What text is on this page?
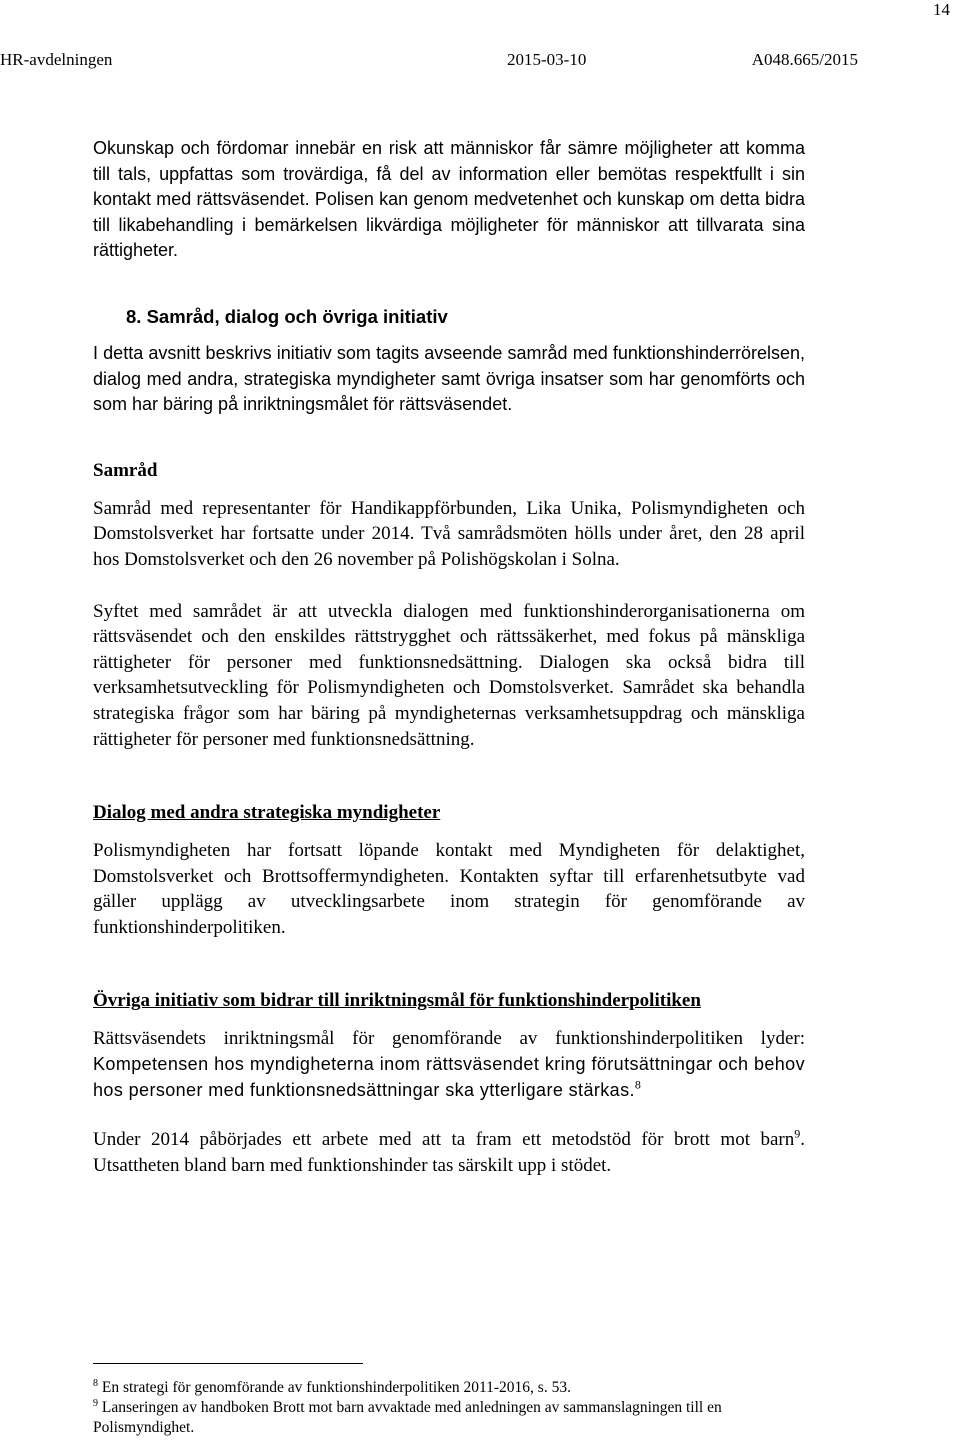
14
HR-avdelningen	2015-03-10	A048.665/2015

Okunskap och fördomar innebär en risk att människor får sämre möjligheter att komma till tals, uppfattas som trovärdiga, få del av information eller bemötas respektfullt i sin kontakt med rättsväsendet. Polisen kan genom medvetenhet och kunskap om detta bidra till likabehandling i bemärkelsen likvärdiga möjligheter för människor att tillvarata sina rättigheter.

8. Samråd, dialog och övriga initiativ

I detta avsnitt beskrivs initiativ som tagits avseende samråd med funktionshinderrörelsen, dialog med andra, strategiska myndigheter samt övriga insatser som har genomförts och som har bäring på inriktningsmålet för rättsväsendet.

Samråd

Samråd med representanter för Handikappförbunden, Lika Unika, Polismyndigheten och Domstolsverket har fortsatte under 2014. Två samrådsmöten hölls under året, den 28 april hos Domstolsverket och den 26 november på Polishögskolan i Solna.

Syftet med samrådet är att utveckla dialogen med funktionshinderorganisationerna om rättsväsendet och den enskildes rättstrygghet och rättssäkerhet, med fokus på mänskliga rättigheter för personer med funktionsnedsättning. Dialogen ska också bidra till verksamhetsutveckling för Polismyndigheten och Domstolsverket. Samrådet ska behandla strategiska frågor som har bäring på myndigheternas verksamhetsuppdrag och mänskliga rättigheter för personer med funktionsnedsättning.

Dialog med andra strategiska myndigheter

Polismyndigheten har fortsatt löpande kontakt med Myndigheten för delaktighet, Domstolsverket och Brottsoffermyndigheten. Kontakten syftar till erfarenhetsutbyte vad gäller upplägg av utvecklingsarbete inom strategin för genomförande av funktionshinderpolitiken.

Övriga initiativ som bidrar till inriktningsmål för funktionshinderpolitiken

Rättsväsendets inriktningsmål för genomförande av funktionshinderpolitiken lyder: Kompetensen hos myndigheterna inom rättsväsendet kring förutsättningar och behov hos personer med funktionsnedsättningar ska ytterligare stärkas.$^8$

Under 2014 påbörjades ett arbete med att ta fram ett metodstöd för brott mot barn$^9$. Utsattheten bland barn med funktionshinder tas särskilt upp i stödet.

$^8$ En strategi för genomförande av funktionshinderpolitiken 2011-2016, s. 53.

$^9$ Lanseringen av handboken Brott mot barn avvaktade med anledningen av sammanslagningen till en Polismyndighet.
